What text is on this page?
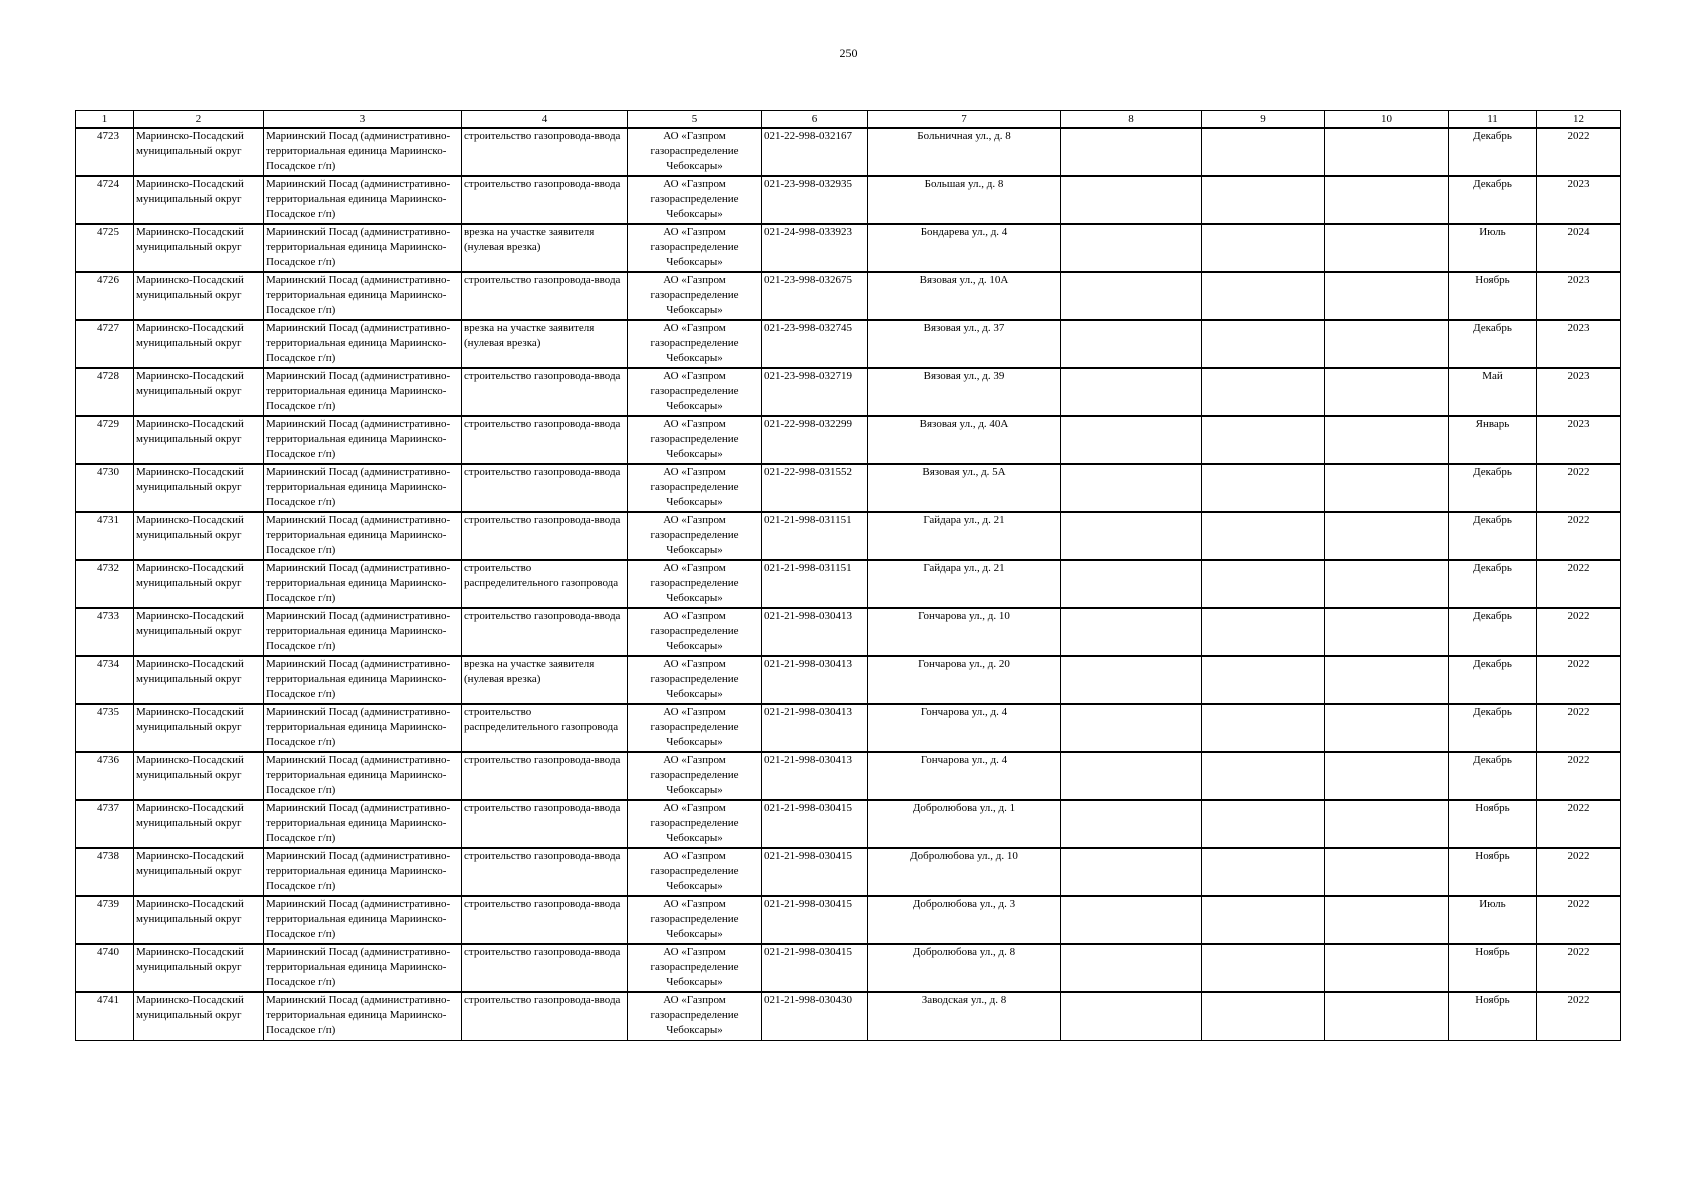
250
1	2	3	4	5	6	7	8	9	10	11	12
4723	Мариинско-Посадский муниципальный округ	Мариинский Посад (административно-территориальная единица Мариинско-Посадское г/п)	строительство газопровода-ввода	АО «Газпром газораспределение Чебоксары»	021-22-998-032167	Больничная ул., д. 8				Декабрь	2022
4724	Мариинско-Посадский муниципальный округ	Мариинский Посад (административно-территориальная единица Мариинско-Посадское г/п)	строительство газопровода-ввода	АО «Газпром газораспределение Чебоксары»	021-23-998-032935	Большая ул., д. 8				Декабрь	2023
4725	Мариинско-Посадский муниципальный округ	Мариинский Посад (административно-территориальная единица Мариинско-Посадское г/п)	врезка на участке заявителя (нулевая врезка)	АО «Газпром газораспределение Чебоксары»	021-24-998-033923	Бондарева ул., д. 4				Июль	2024
4726	Мариинско-Посадский муниципальный округ	Мариинский Посад (административно-территориальная единица Мариинско-Посадское г/п)	строительство газопровода-ввода	АО «Газпром газораспределение Чебоксары»	021-23-998-032675	Вязовая ул., д. 10А				Ноябрь	2023
4727	Мариинско-Посадский муниципальный округ	Мариинский Посад (административно-территориальная единица Мариинско-Посадское г/п)	врезка на участке заявителя (нулевая врезка)	АО «Газпром газораспределение Чебоксары»	021-23-998-032745	Вязовая ул., д. 37				Декабрь	2023
4728	Мариинско-Посадский муниципальный округ	Мариинский Посад (административно-территориальная единица Мариинско-Посадское г/п)	строительство газопровода-ввода	АО «Газпром газораспределение Чебоксары»	021-23-998-032719	Вязовая ул., д. 39				Май	2023
4729	Мариинско-Посадский муниципальный округ	Мариинский Посад (административно-территориальная единица Мариинско-Посадское г/п)	строительство газопровода-ввода	АО «Газпром газораспределение Чебоксары»	021-22-998-032299	Вязовая ул., д. 40А				Январь	2023
4730	Мариинско-Посадский муниципальный округ	Мариинский Посад (административно-территориальная единица Мариинско-Посадское г/п)	строительство газопровода-ввода	АО «Газпром газораспределение Чебоксары»	021-22-998-031552	Вязовая ул., д. 5А				Декабрь	2022
4731	Мариинско-Посадский муниципальный округ	Мариинский Посад (административно-территориальная единица Мариинско-Посадское г/п)	строительство газопровода-ввода	АО «Газпром газораспределение Чебоксары»	021-21-998-031151	Гайдара ул., д. 21				Декабрь	2022
4732	Мариинско-Посадский муниципальный округ	Мариинский Посад (административно-территориальная единица Мариинско-Посадское г/п)	строительство распределительного газопровода	АО «Газпром газораспределение Чебоксары»	021-21-998-031151	Гайдара ул., д. 21				Декабрь	2022
4733	Мариинско-Посадский муниципальный округ	Мариинский Посад (административно-территориальная единица Мариинско-Посадское г/п)	строительство газопровода-ввода	АО «Газпром газораспределение Чебоксары»	021-21-998-030413	Гончарова ул., д. 10				Декабрь	2022
4734	Мариинско-Посадский муниципальный округ	Мариинский Посад (административно-территориальная единица Мариинско-Посадское г/п)	врезка на участке заявителя (нулевая врезка)	АО «Газпром газораспределение Чебоксары»	021-21-998-030413	Гончарова ул., д. 20				Декабрь	2022
4735	Мариинско-Посадский муниципальный округ	Мариинский Посад (административно-территориальная единица Мариинско-Посадское г/п)	строительство распределительного газопровода	АО «Газпром газораспределение Чебоксары»	021-21-998-030413	Гончарова ул., д. 4				Декабрь	2022
4736	Мариинско-Посадский муниципальный округ	Мариинский Посад (административно-территориальная единица Мариинско-Посадское г/п)	строительство газопровода-ввода	АО «Газпром газораспределение Чебоксары»	021-21-998-030413	Гончарова ул., д. 4				Декабрь	2022
4737	Мариинско-Посадский муниципальный округ	Мариинский Посад (административно-территориальная единица Мариинско-Посадское г/п)	строительство газопровода-ввода	АО «Газпром газораспределение Чебоксары»	021-21-998-030415	Добролюбова ул., д. 1				Ноябрь	2022
4738	Мариинско-Посадский муниципальный округ	Мариинский Посад (административно-территориальная единица Мариинско-Посадское г/п)	строительство газопровода-ввода	АО «Газпром газораспределение Чебоксары»	021-21-998-030415	Добролюбова ул., д. 10				Ноябрь	2022
4739	Мариинско-Посадский муниципальный округ	Мариинский Посад (административно-территориальная единица Мариинско-Посадское г/п)	строительство газопровода-ввода	АО «Газпром газораспределение Чебоксары»	021-21-998-030415	Добролюбова ул., д. 3				Июль	2022
4740	Мариинско-Посадский муниципальный округ	Мариинский Посад (административно-территориальная единица Мариинско-Посадское г/п)	строительство газопровода-ввода	АО «Газпром газораспределение Чебоксары»	021-21-998-030415	Добролюбова ул., д. 8				Ноябрь	2022
4741	Мариинско-Посадский муниципальный округ	Мариинский Посад (административно-территориальная единица Мариинско-Посадское г/п)	строительство газопровода-ввода	АО «Газпром газораспределение Чебоксары»	021-21-998-030430	Заводская ул., д. 8				Ноябрь	2022
